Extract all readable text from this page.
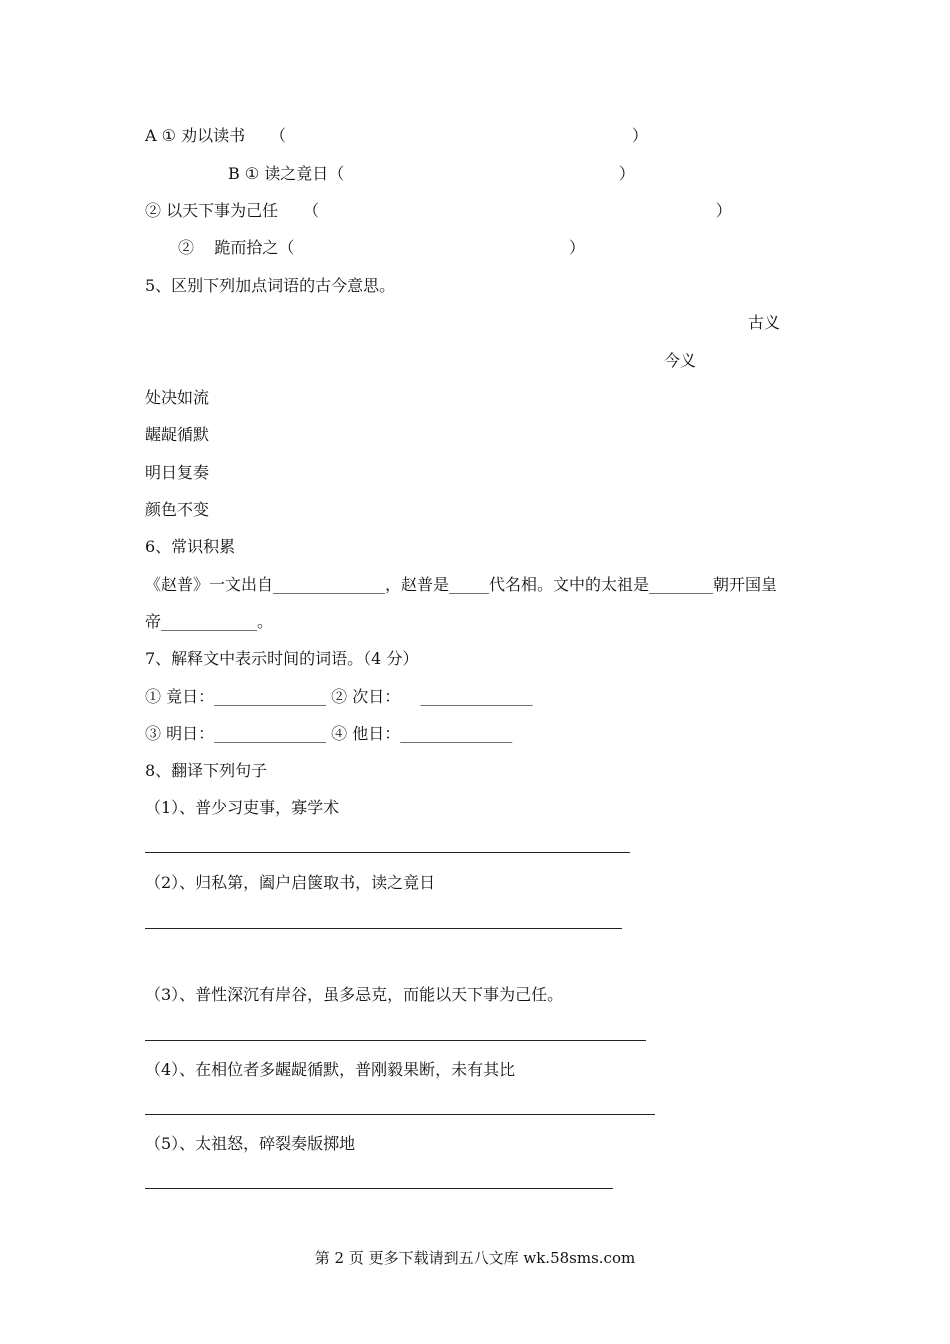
A ① 劝以读书 （                                                                    ）
B ① 读之竟日（                                                      ）
② 以天下事为己任 （                                                                              ）
②    跪而拾之（                                                      ）
5、区别下列加点词语的古今意思。
古义
今义
处决如流
龌龊循默
明日复奏
颜色不变
6、常识积累
《赵普》一文出自______________，赵普是_____代名相。文中的太祖是________朝开国皇
帝____________。
7、解释文中表示时间的词语。（4 分）
① 竟日：______________ ② 次日：    ______________
③ 明日：______________ ④ 他日：______________
8、翻译下列句子
（1）、普少习吏事，寡学术
（2）、归私第，阖户启箧取书，读之竟日
（3）、普性深沉有岸谷，虽多忌克，而能以天下事为己任。
（4）、在相位者多龌龊循默，普刚毅果断，未有其比
（5）、太祖怒，碎裂奏版掷地
第 2 页 更多下载请到五八文库 wk.58sms.com
